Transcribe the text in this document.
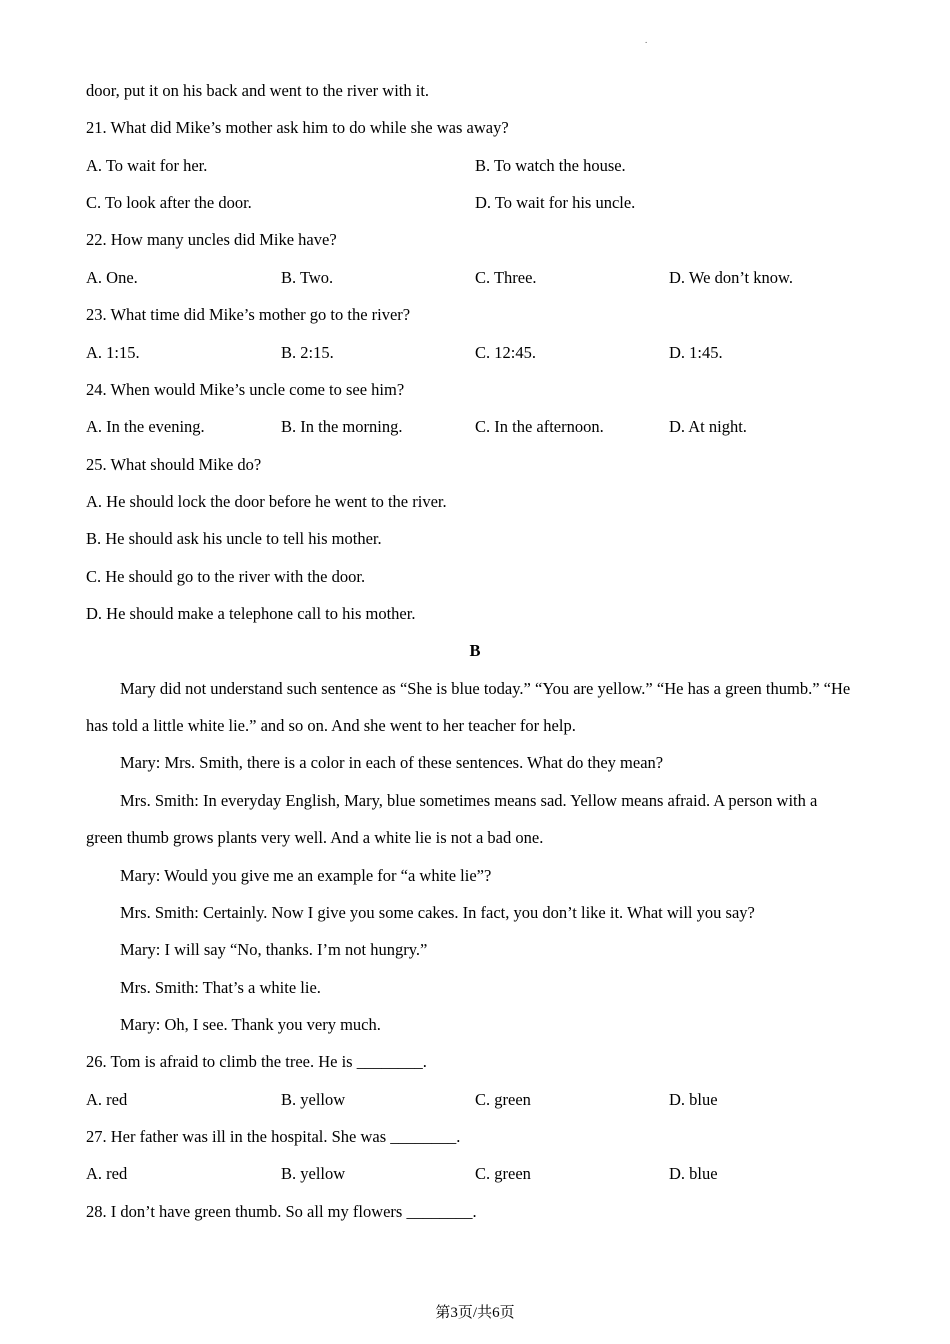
.
door, put it on his back and went to the river with it.
21. What did Mike’s mother ask him to do while she was away?
A. To wait for her.	B. To watch the house.
C. To look after the door.	D. To wait for his uncle.
22. How many uncles did Mike have?
A. One.	B. Two.	C. Three.	D. We don’t know.
23. What time did Mike’s mother go to the river?
A. 1:15.	B. 2:15.	C. 12:45.	D. 1:45.
24. When would Mike’s uncle come to see him?
A. In the evening.	B. In the morning.	C. In the afternoon.	D. At night.
25. What should Mike do?
A. He should lock the door before he went to the river.
B. He should ask his uncle to tell his mother.
C. He should go to the river with the door.
D. He should make a telephone call to his mother.
B
Mary did not understand such sentence as “She is blue today.” “You are yellow.” “He has a green thumb.” “He
has told a little white lie.” and so on. And she went to her teacher for help.
Mary: Mrs. Smith, there is a color in each of these sentences. What do they mean?
Mrs. Smith: In everyday English, Mary, blue sometimes means sad. Yellow means afraid. A person with a
green thumb grows plants very well. And a white lie is not a bad one.
Mary: Would you give me an example for “a white lie”?
Mrs. Smith: Certainly. Now I give you some cakes. In fact, you don’t like it. What will you say?
Mary: I will say “No, thanks. I’m not hungry.”
Mrs. Smith: That’s a white lie.
Mary: Oh, I see. Thank you very much.
26. Tom is afraid to climb the tree. He is ________.
A. red	B. yellow	C. green	D. blue
27. Her father was ill in the hospital. She was ________.
A. red	B. yellow	C. green	D. blue
28. I don’t have green thumb. So all my flowers ________.
第3页/共6页
